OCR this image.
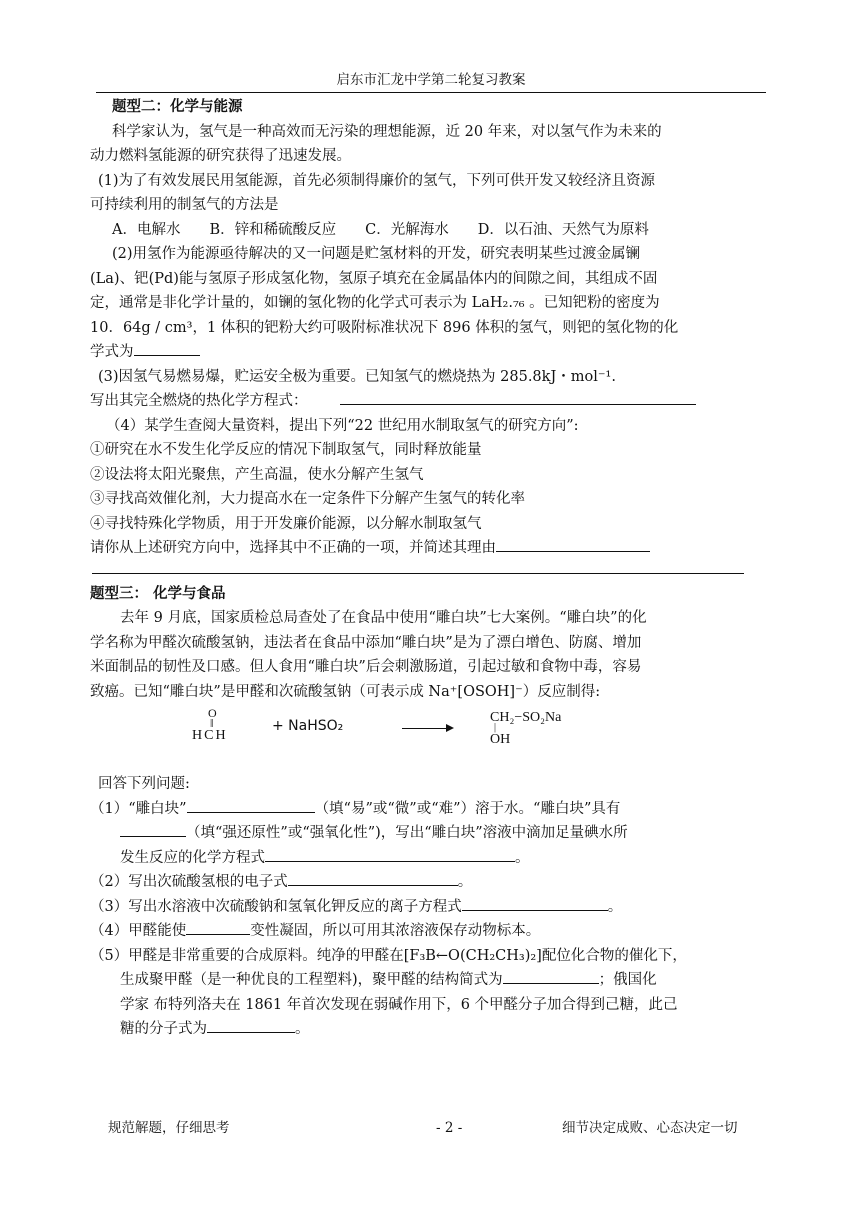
启东市汇龙中学第二轮复习教案

题型二：化学与能源

科学家认为，氢气是一种高效而无污染的理想能源，近 20 年来，对以氢气作为未来的

动力燃料氢能源的研究获得了迅速发展。

(1)为了有效发展民用氢能源，首先必须制得廉价的氢气，下列可供开发又较经济且资源

可持续利用的制氢气的方法是

A．电解水　　B．锌和稀硫酸反应　　C．光解海水　　D．以石油、天然气为原料

(2)用氢作为能源亟待解决的又一问题是贮氢材料的开发，研究表明某些过渡金属镧

(La)、钯(Pd)能与氢原子形成氢化物，氢原子填充在金属晶体内的间隙之间，其组成不固

定，通常是非化学计量的，如镧的氢化物的化学式可表示为 LaH₂.₇₆ 。已知钯粉的密度为

10．64g / cm³，1 体积的钯粉大约可吸附标准状况下 896 体积的氢气，则钯的氢化物的化

学式为

(3)因氢气易燃易爆，贮运安全极为重要。已知氢气的燃烧热为 285.8kJ・mol⁻¹.

写出其完全燃烧的热化学方程式：

（4）某学生查阅大量资料，提出下列“22 世纪用水制取氢气的研究方向”:

①研究在水不发生化学反应的情况下制取氢气，同时释放能量

②设法将太阳光聚焦，产生高温，使水分解产生氢气

③寻找高效催化剂，大力提高水在一定条件下分解产生氢气的转化率

④寻找特殊化学物质，用于开发廉价能源，以分解水制取氢气

请你从上述研究方向中，选择其中不正确的一项，并简述其理由

题型三： 化学与食品

去年 9 月底，国家质检总局查处了在食品中使用“雕白块”七大案例。“雕白块”的化

学名称为甲醛次硫酸氢钠，违法者在食品中添加“雕白块”是为了漂白增色、防腐、增加

米面制品的韧性及口感。但人食用“雕白块”后会刺激肠道，引起过敏和食物中毒，容易

致癌。已知“雕白块”是甲醛和次硫酸氢钠（可表示成 Na⁺[OSOH]⁻）反应制得:

O
‖
HCH
+ NaHSO₂
CH₂−SO₂Na
|
OH

回答下列问题:

（1）“雕白块”	（填“易”或“微”或“难”）溶于水。“雕白块”具有

（填“强还原性”或“强氧化性”)，写出“雕白块”溶液中滴加足量碘水所

发生反应的化学方程式	。

（2）写出次硫酸氢根的电子式	。

（3）写出水溶液中次硫酸钠和氢氧化钾反应的离子方程式	。

（4）甲醛能使	变性凝固，所以可用其浓溶液保存动物标本。

（5）甲醛是非常重要的合成原料。纯净的甲醛在[F₃B←O(CH₂CH₃)₂]配位化合物的催化下，

生成聚甲醛（是一种优良的工程塑料)，聚甲醛的结构简式为	；俄国化

学家 布特列洛夫在 1861 年首次发现在弱碱作用下，6 个甲醛分子加合得到己糖，此己

糖的分子式为	。

规范解题，仔细思考	- 2 -	细节决定成败、心态决定一切
